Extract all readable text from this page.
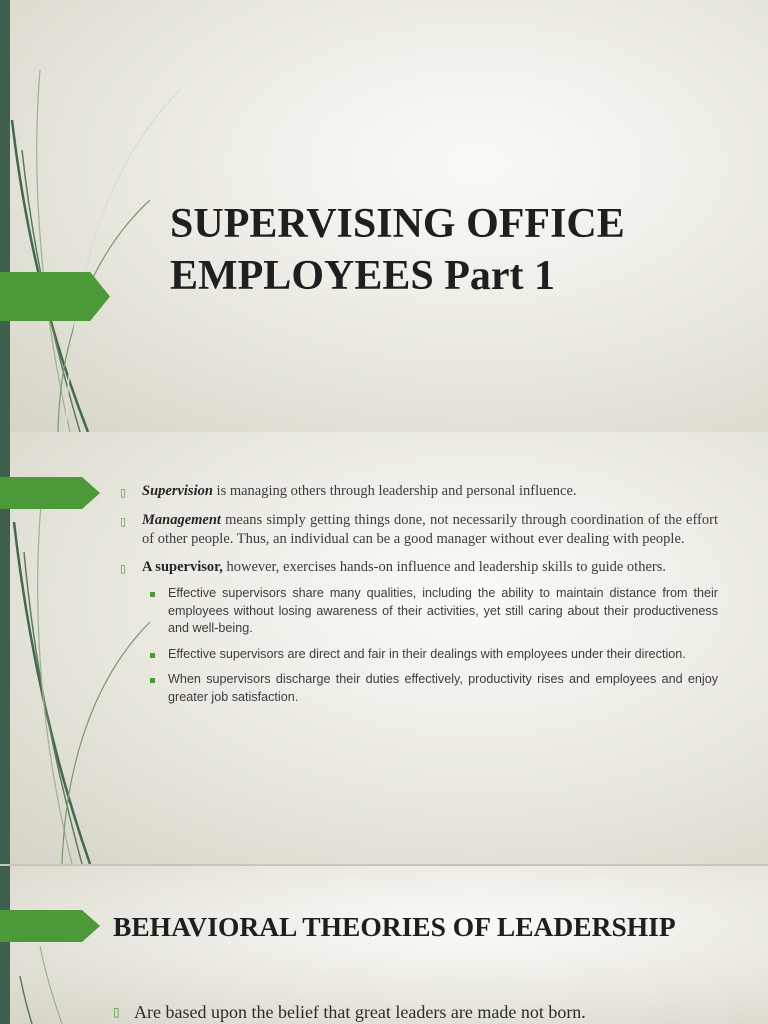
SUPERVISING OFFICE
EMPLOYEES Part 1
▯	Supervision is managing others through leadership and personal influence.
▯	Management means simply getting things done, not necessarily through coordination of the effort of other people. Thus, an individual can be a good manager without ever dealing with people.
▯	A supervisor, however, exercises hands-on influence and leadership skills to guide others.
Effective supervisors share many qualities, including the ability to maintain distance from their employees without losing awareness of their activities, yet still caring about their productiveness and well-being.
Effective supervisors are direct and fair in their dealings with employees under their direction.
When supervisors discharge their duties effectively, productivity rises and employees and enjoy greater job satisfaction.
BEHAVIORAL THEORIES OF LEADERSHIP
▯ Are based upon the belief that great leaders are made not born.
